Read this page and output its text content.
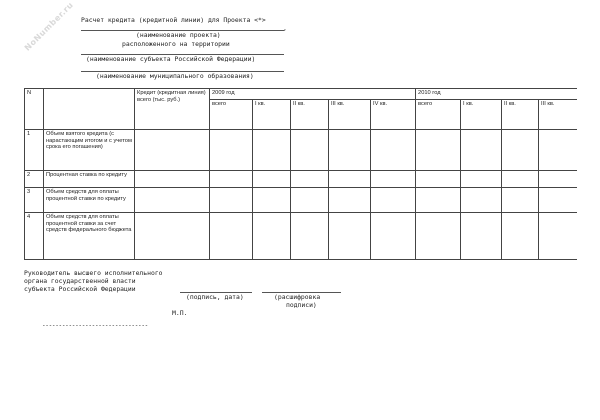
NoNumber.ru Расчет кредита (кредитной линии) для Проекта <*>
,
(наименование проекта)
расположенного на территории
(наименование субъекта Российской Федерации)
(наименование муниципального образования)
N		Кредит (кредитная линия) всего (тыс. руб.)	2009 год					2010 год			
			всего	I кв.	II кв.	III кв.	IV кв.	всего	I кв.	II кв.	III кв.
1	Объем взятого кредита (с нарастающим итогом и с учетом срока его погашения)										
2	Процентная ставка по кредиту										
3	Объем средств для оплаты процентной ставки по кредиту										
4	Объем средств для оплаты процентной ставки за счет средств федерального бюджета										
Руководитель высшего исполнительного
органа государственной власти
субъекта Российской Федерации
(подпись, дата)	(расшифровка
подписи)
М.П.
--------------------------------
